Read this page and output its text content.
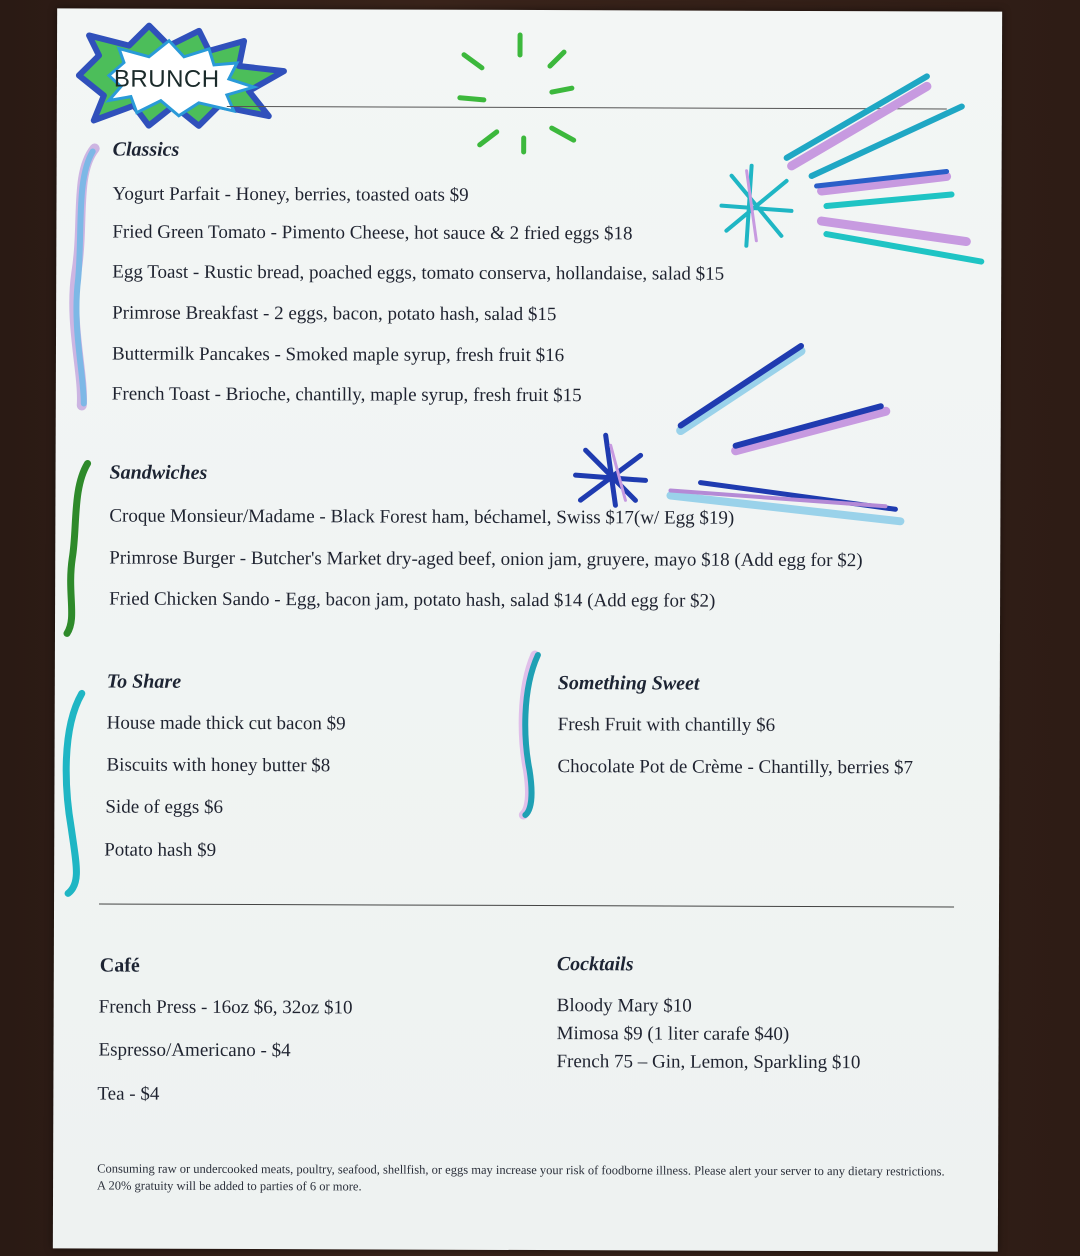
BRUNCH
Classics
Yogurt Parfait - Honey, berries, toasted oats $9
Fried Green Tomato - Pimento Cheese, hot sauce & 2 fried eggs $18
Egg Toast - Rustic bread, poached eggs, tomato conserva, hollandaise, salad $15
Primrose Breakfast - 2 eggs, bacon, potato hash, salad $15
Buttermilk Pancakes - Smoked maple syrup, fresh fruit $16
French Toast - Brioche, chantilly, maple syrup, fresh fruit $15
Sandwiches
Croque Monsieur/Madame - Black Forest ham, béchamel, Swiss $17(w/ Egg $19)
Primrose Burger - Butcher's Market dry-aged beef, onion jam, gruyere, mayo $18 (Add egg for $2)
Fried Chicken Sando - Egg, bacon jam, potato hash, salad $14 (Add egg for $2)
To Share
House made thick cut bacon $9
Biscuits with honey butter $8
Side of eggs $6
Potato hash $9
Something Sweet
Fresh Fruit with chantilly $6
Chocolate Pot de Crème - Chantilly, berries $7
Café
French Press - 16oz $6, 32oz $10
Espresso/Americano - $4
Tea - $4
Cocktails
Bloody Mary $10
Mimosa $9 (1 liter carafe $40)
French 75 – Gin, Lemon, Sparkling $10
Consuming raw or undercooked meats, poultry, seafood, shellfish, or eggs may increase your risk of foodborne illness. Please alert your server to any dietary restrictions. A 20% gratuity will be added to parties of 6 or more.
